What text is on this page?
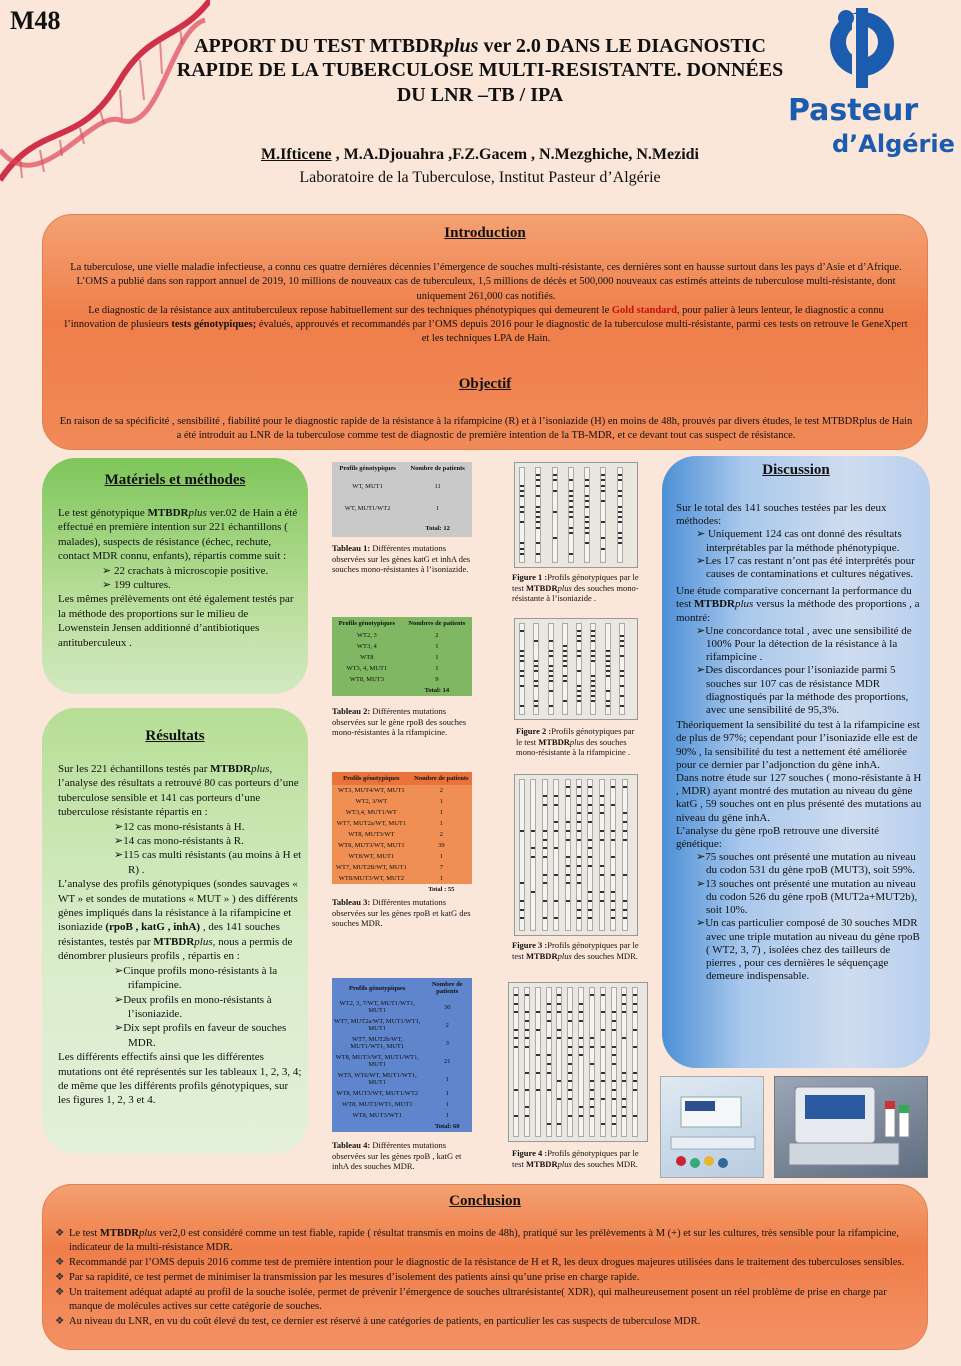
M48
APPORT DU TEST MTBDRplus ver 2.0 DANS LE DIAGNOSTIC RAPIDE DE LA TUBERCULOSE MULTI-RESISTANTE. DONNÉES DU LNR –TB / IPA
M.Ifticene , M.A.Djouahra ,F.Z.Gacem , N.Mezghiche, N.Mezidi
Laboratoire de la Tuberculose, Institut Pasteur d’Algérie
Pasteur
d’Algérie
Introduction
La tuberculose, une vielle maladie infectieuse, a connu ces quatre dernières décennies l’émergence de souches multi-résistante, ces dernières sont en hausse surtout dans les pays d’Asie et d’Afrique.
L’OMS a publié dans son rapport annuel de 2019, 10 millions de nouveaux cas de tuberculeux, 1,5 millions de décès et 500,000 nouveaux cas estimés atteints de tuberculose multi-résistante, dont uniquement 261,000 cas notifiés.
Le diagnostic de la résistance aux antituberculeux repose habituellement sur des techniques phénotypiques qui demeurent le Gold standard, pour palier à leurs lenteur, le diagnostic a connu l’innovation de plusieurs tests génotypiques; évalués, approuvés et recommandés par l’OMS depuis 2016 pour le diagnostic de la tuberculose multi-résistante, parmi ces tests on retrouve le GeneXpert et les techniques LPA de Hain.
Objectif
En raison de sa spécificité , sensibilité , fiabilité pour le diagnostic rapide de la résistance à la rifampicine (R) et à l’isoniazide (H) en moins de 48h, prouvés par divers études, le test MTBDRplus de Hain a été introduit au LNR de la tuberculose comme test de diagnostic de première intention de la TB-MDR, et ce devant tout cas suspect de résistance.
Matériels et méthodes
Le test génotypique MTBDRplus ver.02 de Hain a été effectué en première intention sur 221 échantillons ( malades), suspects de résistance (échec, rechute, contact MDR connu, enfants), répartis comme suit :
➢ 22 crachats à microscopie positive.
➢ 199 cultures.
Les mêmes prélèvements ont été également testés par la méthode des proportions sur le milieu de Lowenstein Jensen additionné d’antibiotiques antituberculeux .
Résultats
Sur les 221 échantillons testés par MTBDRplus, l’analyse des résultats a retrouvé 80 cas porteurs d’une tuberculose sensible et 141 cas porteurs d’une tuberculose résistante répartis en :
➢12 cas mono-résistants à H.
➢14 cas mono-résistants à R.
➢115 cas multi résistants (au moins à H et R) .
L’analyse des profils génotypiques (sondes sauvages « WT » et sondes de mutations « MUT » ) des différents gènes impliqués dans la résistance à la rifampicine et isoniazide (rpoB , katG , inhA) , des 141 souches résistantes, testés par MTBDRplus, nous a permis de dénombrer plusieurs profils , répartis en :
➢Cinque profils mono-résistants à la rifampicine.
➢Deux profils en mono-résistants à l’isoniazide.
➢Dix sept profils en faveur de souches MDR.
Les différents effectifs ainsi que les différentes mutations ont été représentés sur les tableaux 1, 2, 3, 4; de même que les différents profils génotypiques, sur les figures 1, 2, 3 et 4.
Profils génotypiques	Nombre de patients
WT, MUT1	11
WT, MUT1/WT2	1
	Total: 12
Tableau 1: Différentes mutations observées sur les gènes katG et inhA des souches mono-résistantes à l’isoniazide.
Profils génotypiques	Nombres de patients
WT2, 3	2
WT3, 4	1
WT8	1
WT3, 4, MUT1	1
WT8, MUT3	9
	Total: 14
Tableau 2: Différentes mutations observées sur le gène rpoB des souches mono-résistantes à la rifampicine.
Profils génotypiques	Nombre de patients
WT3, MUT4/WT, MUT1	2
WT2, 3/WT	1
WT3,4, MUT1/WT	1
WT7, MUT2a/WT, MUT1	1
WT8, MUT3/WT	2
WT8, MUT3/WT, MUT1	39
WT8/WT, MUT1	1
WT7, MUT2B/WT, MUT1	7
WT8/MUT3/WT, MUT2	1
	Total : 55
Tableau 3: Différentes mutations observées sur les gènes rpoB et katG des souches MDR.
Profils génotypiques	Nombre de patients
WT2, 3, 7/WT, MUT1/WT1, MUT1	30
WT7, MUT2a/WT, MUT1/WT1, MUT1	2
WT7, MUT2b/WT, MUT1/WT1, MUT1	3
WT8, MUT3/WT, MUT1/WT1, MUT1	21
WT5, WT6/WT, MUT1/WT1, MUT1	1
WT8, MUT3/WT, MUT1/WT2	1
WT8, MUT3/WT1, MUT1	1
WT8, MUT3/WT1	1
	Total: 60
Tableau 4: Différentes mutations observées sur les gènes rpoB , katG et inhA des souches MDR.
Figure 1 :Profils génotypiques par le test MTBDRplus des souches mono-résistante à l’isoniazide .
Figure 2 :Profils génotypiques par le test MTBDRplus des souches mono-résistante à la rifampicine .
Figure 3 :Profils génotypiques par le test MTBDRplus des souches MDR.
Figure 4 :Profils génotypiques par le test MTBDRplus des souches MDR.
Discussion
Sur le total des 141 souches testées par les deux méthodes:
➢ Uniquement 124 cas ont donné des résultats interprétables par la méthode phénotypique.
➢Les 17 cas restant n’ont pas été interprétés pour causes de contaminations et cultures négatives.
Une étude comparative concernant la performance du test MTBDRplus versus la méthode des proportions , a montré:
➢Une concordance total , avec une sensibilité de 100% Pour la détection de la résistance à la rifampicine .
➢Des discordances pour l’isoniazide parmi 5 souches sur 107 cas de résistance MDR diagnostiqués par la méthode des proportions, avec une sensibilité de 95,3%.
Théoriquement la sensibilité du test à la rifampicine est de plus de 97%; cependant pour l’isoniazide elle est de 90% , la sensibilité du test a nettement été améliorée pour ce dernier par l’adjonction du gène inhA.
Dans notre étude sur 127 souches ( mono-résistante à H , MDR) ayant montré des mutation au niveau du gène katG , 59 souches ont en plus présenté des mutations au niveau du gène inhA.
L’analyse du gène rpoB retrouve une diversité génétique:
➢75 souches ont présenté une mutation au niveau du codon 531 du gène rpoB (MUT3), soit 59%.
➢13 souches ont présenté une mutation au niveau du codon 526 du gène rpoB (MUT2a+MUT2b), soit 10%.
➢Un cas particulier composé de 30 souches MDR avec une triple mutation au niveau du gène rpoB ( WT2, 3, 7) , isolées chez des tailleurs de pierres , pour ces dernières le séquençage demeure indispensable.
Conclusion
❖ Le test MTBDRplus ver2,0 est considéré comme un test fiable, rapide ( résultat transmis en moins de 48h), pratiqué sur les prélèvements à M (+) et sur les cultures, très sensible pour la rifampicine, indicateur de la multi-résistance MDR.
❖ Recommandé par l’OMS depuis 2016 comme test de première intention pour le diagnostic de la résistance de H et R, les deux drogues majeures utilisées dans le traitement des tuberculoses sensibles.
❖ Par sa rapidité, ce test permet de minimiser la transmission par les mesures d’isolement des patients ainsi qu’une prise en charge rapide.
❖ Un traitement adéquat adapté au profil de la souche isolée, permet de prévenir l’émergence de souches ultrarésistante( XDR), qui malheureusement posent un réel problème de prise en charge par manque de molécules actives sur cette catégorie de souches.
❖ Au niveau du LNR, en vu du coût élevé du test, ce dernier est réservé à une catégories de patients, en particulier les cas suspects de tuberculose MDR.
